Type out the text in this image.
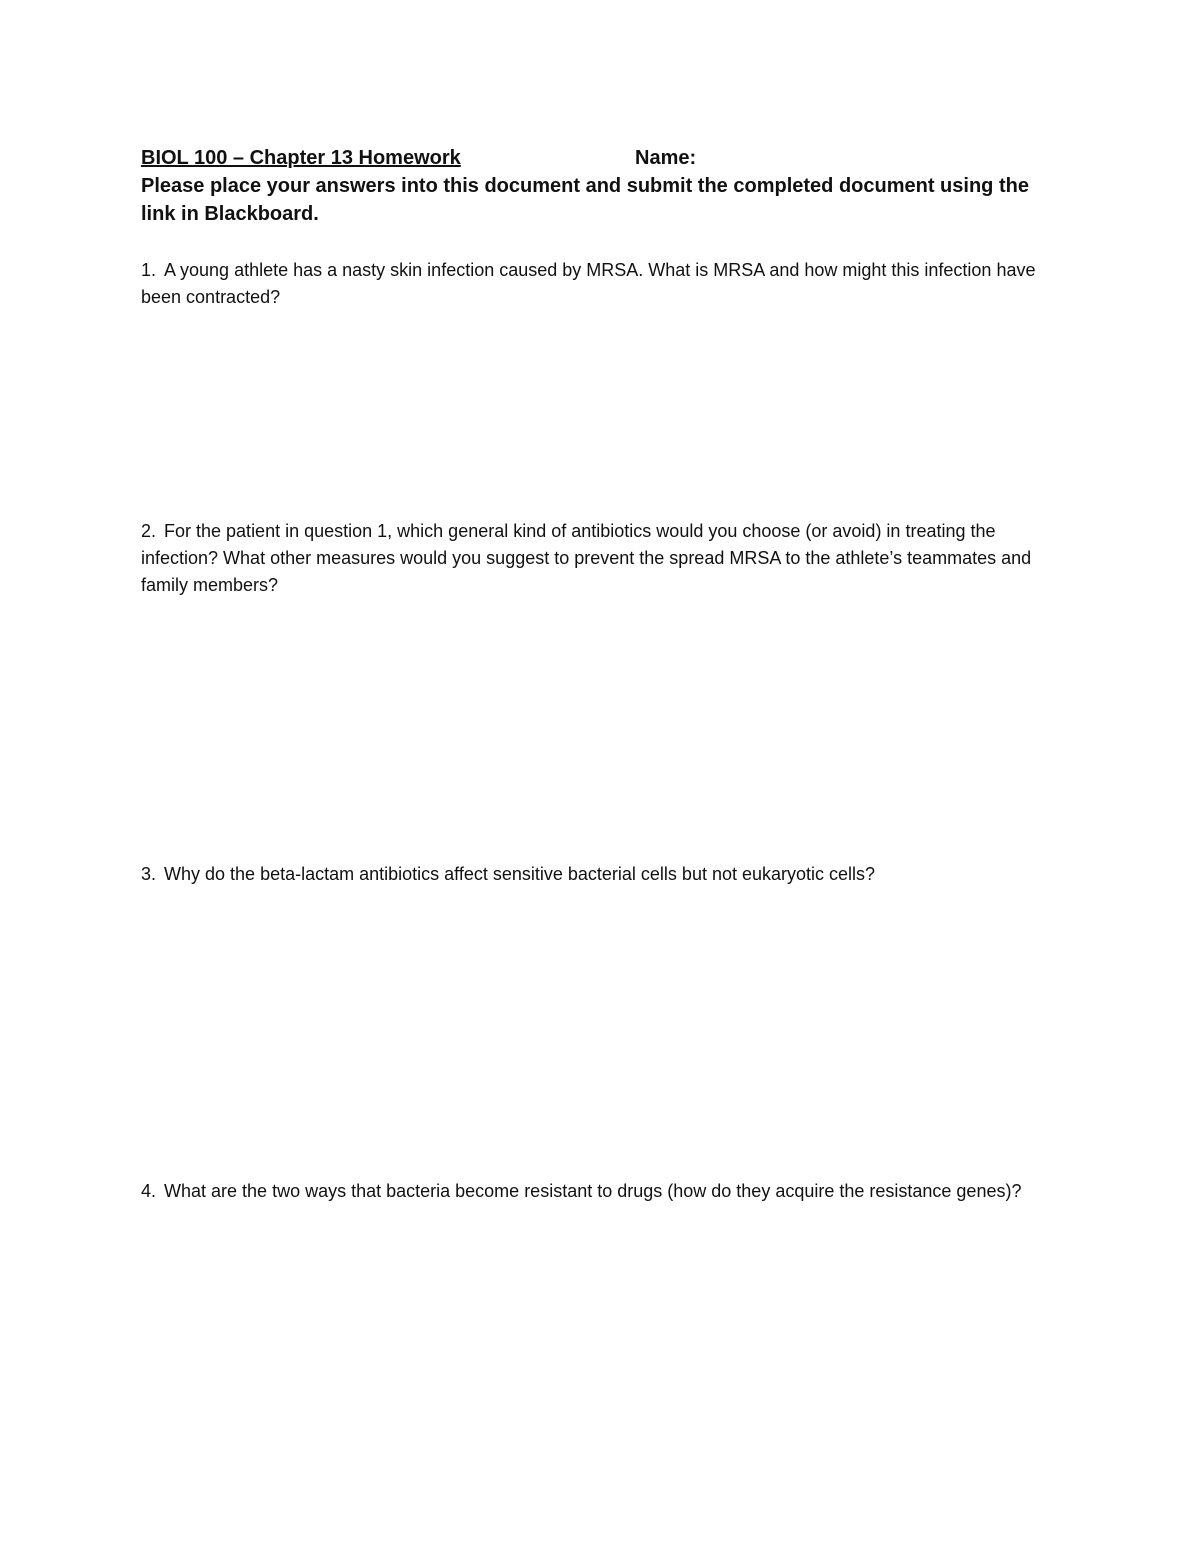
BIOL 100 – Chapter 13 Homework	Name:
Please place your answers into this document and submit the completed document using the link in Blackboard.
1. A young athlete has a nasty skin infection caused by MRSA. What is MRSA and how might this infection have been contracted?
2. For the patient in question 1, which general kind of antibiotics would you choose (or avoid) in treating the infection? What other measures would you suggest to prevent the spread MRSA to the athlete’s teammates and family members?
3. Why do the beta-lactam antibiotics affect sensitive bacterial cells but not eukaryotic cells?
4. What are the two ways that bacteria become resistant to drugs (how do they acquire the resistance genes)?
